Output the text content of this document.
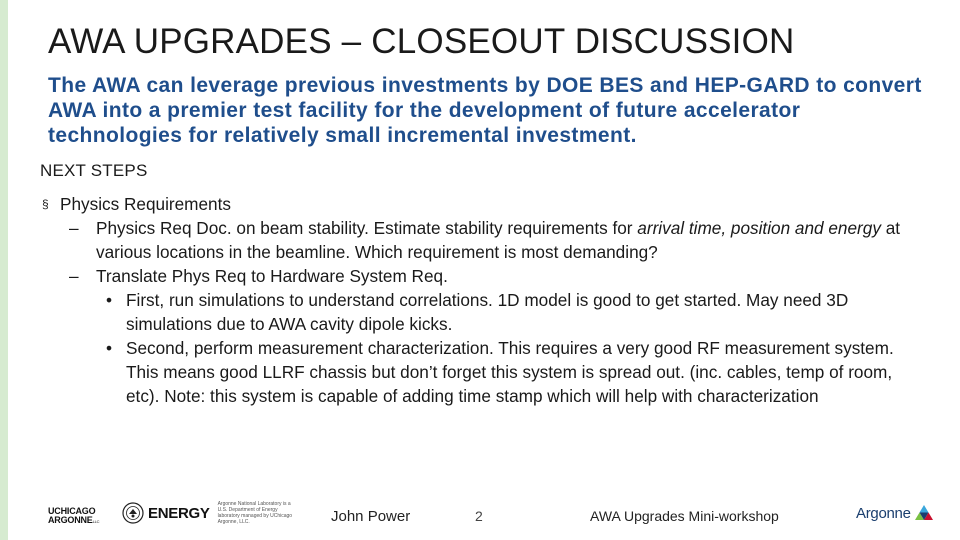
AWA UPGRADES – CLOSEOUT DISCUSSION
The AWA can leverage previous investments by DOE BES and HEP-GARD to convert AWA into a premier test facility for the development of future accelerator technologies for relatively small incremental investment.
NEXT STEPS
§ Physics Requirements
– Physics Req Doc. on beam stability. Estimate stability requirements for arrival time, position and energy at various locations in the beamline. Which requirement is most demanding?
– Translate Phys Req to Hardware System Req.
• First, run simulations to understand correlations. 1D model is good to get started. May need 3D simulations due to AWA cavity dipole kicks.
• Second, perform measurement characterization. This requires a very good RF measurement system. This means good LLRF chassis but don’t forget this system is spread out. (inc. cables, temp of room, etc). Note: this system is capable of adding time stamp which will help with characterization
UCHICAGO
ARGONNELLC	ENERGY
Argonne National Laboratory is a U.S. Department of Energy laboratory managed by UChicago Argonne, LLC.	John Power	2	AWA Upgrades Mini-workshop	Argonne
